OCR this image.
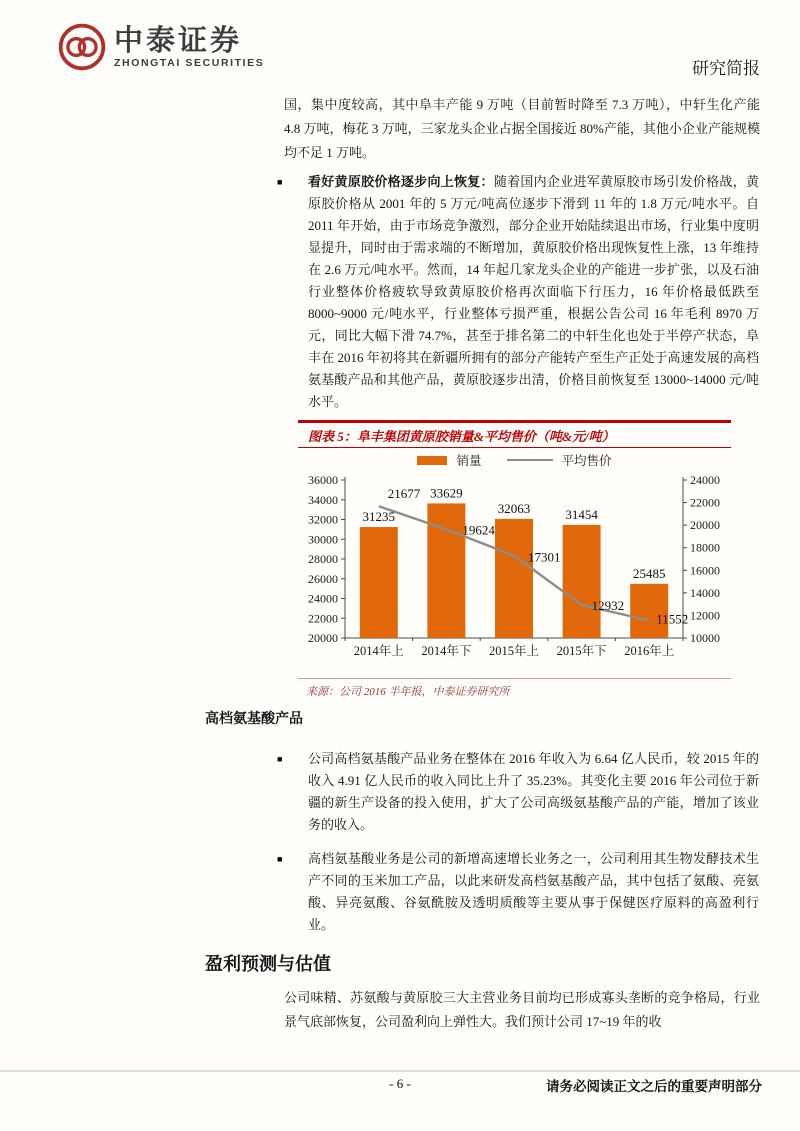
中泰证券
ZHONGTAI SECURITIES	研究简报

国，集中度较高，其中阜丰产能 9 万吨（目前暂时降至 7.3 万吨），中轩生化产能 4.8 万吨，梅花 3 万吨，三家龙头企业占据全国接近 80%产能，其他小企业产能规模均不足 1 万吨。

■	看好黄原胶价格逐步向上恢复：随着国内企业进军黄原胶市场引发价格战，黄原胶价格从 2001 年的 5 万元/吨高位逐步下滑到 11 年的 1.8 万元/吨水平。自 2011 年开始，由于市场竞争激烈，部分企业开始陆续退出市场，行业集中度明显提升，同时由于需求端的不断增加，黄原胶价格出现恢复性上涨，13 年维持在 2.6 万元/吨水平。然而，14 年起几家龙头企业的产能进一步扩张，以及石油行业整体价格疲软导致黄原胶价格再次面临下行压力，16 年价格最低跌至 8000~9000 元/吨水平，行业整体亏损严重，根据公告公司 16 年毛利 8970 万元，同比大幅下滑 74.7%，甚至于排名第二的中轩生化也处于半停产状态，阜丰在 2016 年初将其在新疆所拥有的部分产能转产至生产正处于高速发展的高档氨基酸产品和其他产品，黄原胶逐步出清，价格目前恢复至 13000~14000 元/吨水平。

图表 5：阜丰集团黄原胶销量&平均售价（吨&元/吨）
销量	平均售价
20000
22000
24000
26000
28000
30000
32000
34000
36000
10000
12000
14000
16000
18000
20000
22000
24000
2014年上 2014年下 2015年上 2015年下 2016年上
31235
33629
32063	31454
25485
21677
19624
17301
12932
11552
来源：公司 2016 半年报，中泰证券研究所
高档氨基酸产品
■	公司高档氨基酸产品业务在整体在 2016 年收入为 6.64 亿人民币，较 2015 年的收入 4.91 亿人民币的收入同比上升了 35.23%。其变化主要 2016 年公司位于新疆的新生产设备的投入使用，扩大了公司高级氨基酸产品的产能，增加了该业务的收入。

■	高档氨基酸业务是公司的新增高速增长业务之一，公司利用其生物发酵技术生产不同的玉米加工产品，以此来研发高档氨基酸产品，其中包括了氨酸、亮氨酸、异亮氨酸、谷氨酰胺及透明质酸等主要从事于保健医疗原料的高盈利行业。

盈利预测与估值

公司味精、苏氨酸与黄原胶三大主营业务目前均已形成寡头垄断的竞争格局，行业景气底部恢复，公司盈利向上弹性大。我们预计公司 17~19 年的收

- 6 -	请务必阅读正文之后的重要声明部分
